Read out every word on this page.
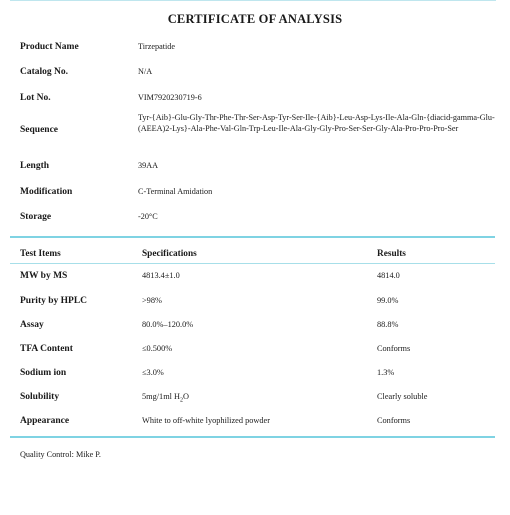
CERTIFICATE OF ANALYSIS
Product Name	Tirzepatide
Catalog No.	N/A
Lot No.	VIM7920230719-6
Sequence
Tyr-{Aib}-Glu-Gly-Thr-Phe-Thr-Ser-Asp-Tyr-Ser-Ile-{Aib}-Leu-Asp-Lys-Ile-Ala-Gln-{diacid-gamma-Glu-(AEEA)2-Lys}-Ala-Phe-Val-Gln-Trp-Leu-Ile-Ala-Gly-Gly-Pro-Ser-Ser-Gly-Ala-Pro-Pro-Pro-Ser
Length	39AA
Modification	C-Terminal Amidation
Storage	-20°C
Test Items	Specifications	Results
MW by MS	4813.4±1.0	4814.0
Purity by HPLC	>98%	99.0%
Assay	80.0%–120.0%	88.8%
TFA Content	≤0.500%	Conforms
Sodium ion	≤3.0%	1.3%
Solubility	5mg/1ml $H_2O$	Clearly soluble
Appearance	White to off-white lyophilized powder	Conforms
Quality Control: Mike P.
